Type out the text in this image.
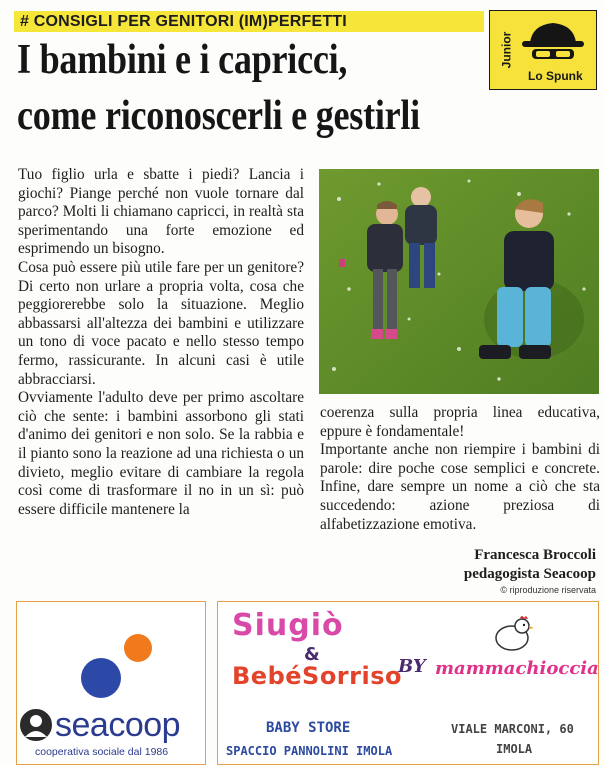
# CONSIGLI PER GENITORI (IM)PERFETTI
I bambini e i capricci,
come riconoscerli e gestirli
Junior
Lo Spunk

Tuo figlio urla e sbatte i piedi? Lancia i giochi? Piange perché non vuole tornare dal parco? Molti li chiamano capricci, in realtà sta sperimentando una forte emozione ed esprimendo un bisogno.

Cosa può essere più utile fare per un genitore? Di certo non urlare a propria volta, cosa che peggiorerebbe solo la situazione. Meglio abbassarsi all'altezza dei bambini e utilizzare un tono di voce pacato e nello stesso tempo fermo, rassicurante. In alcuni casi è utile abbracciarsi.

Ovviamente l'adulto deve per primo ascoltare ciò che sente: i bambini assorbono gli stati d'animo dei genitori e non solo. Se la rabbia e il pianto sono la reazione ad una richiesta o un divieto, meglio evitare di cambiare la regola così come di trasformare il no in un sì: può essere difficile mantenere la

coerenza sulla propria linea educativa, eppure è fondamentale!

Importante anche non riempire i bambini di parole: dire poche cose semplici e concrete. Infine, dare sempre un nome a ciò che sta succedendo: azione preziosa di alfabetizzazione emotiva.

Francesca Broccoli
pedagogista Seacoop
© riproduzione riservata
seacoop
cooperativa sociale dal 1986
Siugiò
&
BebéSorriso
BY mammachioccia
BABY STORE
SPACCIO PANNOLINI IMOLA
VIALE MARCONI, 60
IMOLA
